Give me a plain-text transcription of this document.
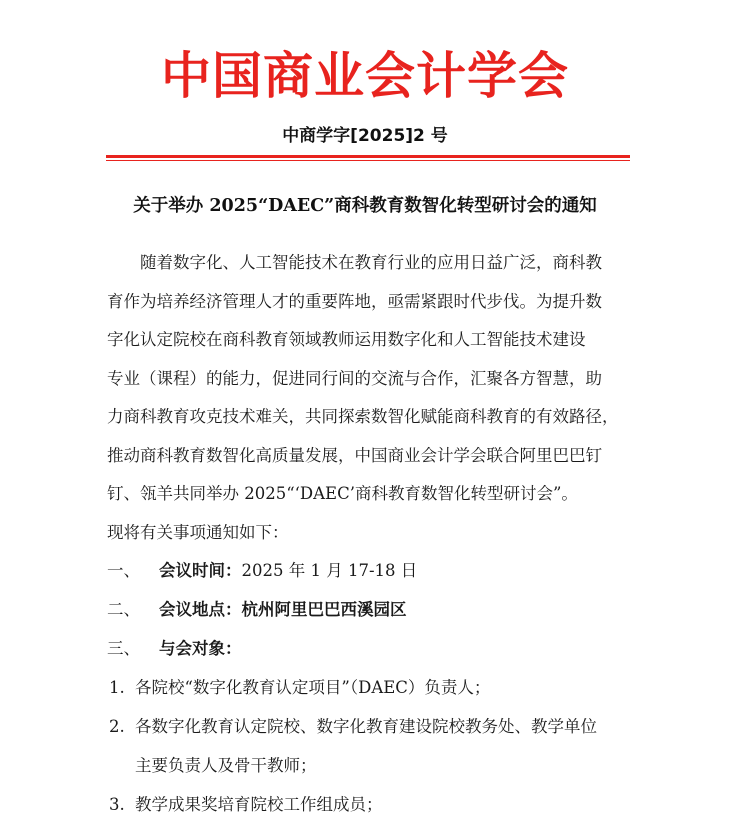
中国商业会计学会
中商学字[2025]2 号
关于举办 2025“DAEC”商科教育数智化转型研讨会的通知

随着数字化、人工智能技术在教育行业的应用日益广泛，商科教

育作为培养经济管理人才的重要阵地，亟需紧跟时代步伐。为提升数

字化认定院校在商科教育领域教师运用数字化和人工智能技术建设

专业（课程）的能力，促进同行间的交流与合作，汇聚各方智慧，助

力商科教育攻克技术难关，共同探索数智化赋能商科教育的有效路径，

推动商科教育数智化高质量发展，中国商业会计学会联合阿里巴巴钉

钉、瓴羊共同举办 2025“‘DAEC’商科教育数智化转型研讨会”。

现将有关事项通知如下：

一、 会议时间：2025 年 1 月 17-18 日
二、 会议地点：杭州阿里巴巴西溪园区
三、 与会对象：
1. 各院校“数字化教育认定项目”（DAEC）负责人；
2. 各数字化教育认定院校、数字化教育建设院校教务处、教学单位
主要负责人及骨干教师；
3. 教学成果奖培育院校工作组成员；
